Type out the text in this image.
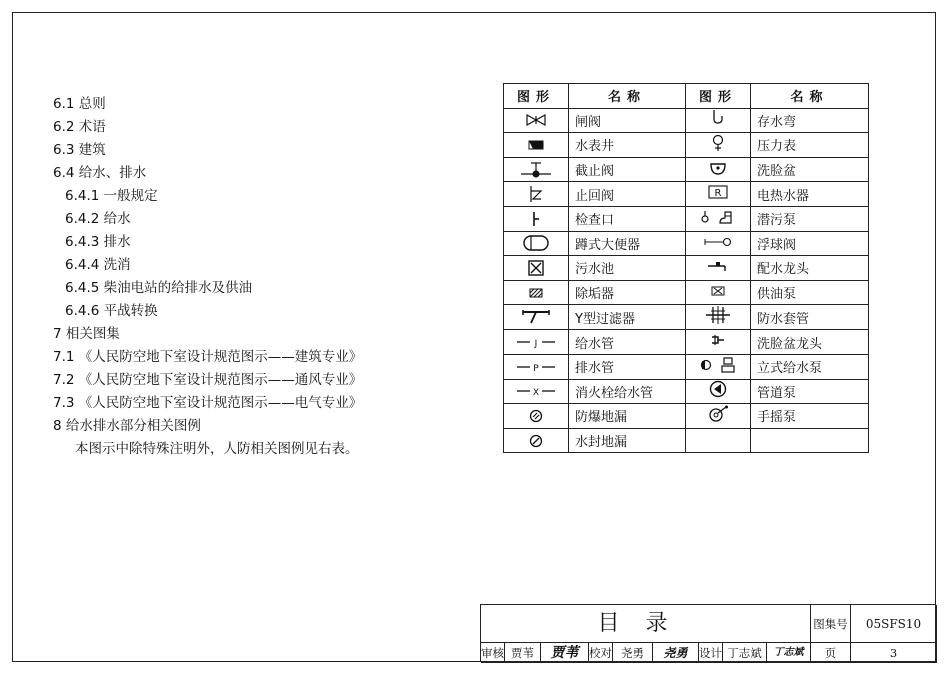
6.1 总则
6.2 术语
6.3 建筑
6.4 给水、排水
6.4.1 一般规定
6.4.2 给水
6.4.3 排水
6.4.4 洗消
6.4.5 柴油电站的给排水及供油
6.4.6 平战转换
7 相关图集
7.1 《人民防空地下室设计规范图示——建筑专业》
7.2 《人民防空地下室设计规范图示——通风专业》
7.3 《人民防空地下室设计规范图示——电气专业》
8 给水排水部分相关图例
本图示中除特殊注明外，人防相关图例见右表。
图形	名称	图形	名称
	闸阀		存水弯
	水表井		压力表
	截止阀		洗脸盆
	止回阀	R	电热水器
	检查口		潜污泵
	蹲式大便器		浮球阀
	污水池		配水龙头
	除垢器		供油泵
	Y型过滤器		防水套管

J	给水管		洗脸盆龙头

P	排水管		立式给水泵

X	消火栓给水管		管道泵
	防爆地漏		手摇泵
	水封地漏		
目录	图集号	05SFS10
审核 贾苇	贾苇 校对 尧勇	尧勇	设计 丁志斌	丁志斌	页	3
